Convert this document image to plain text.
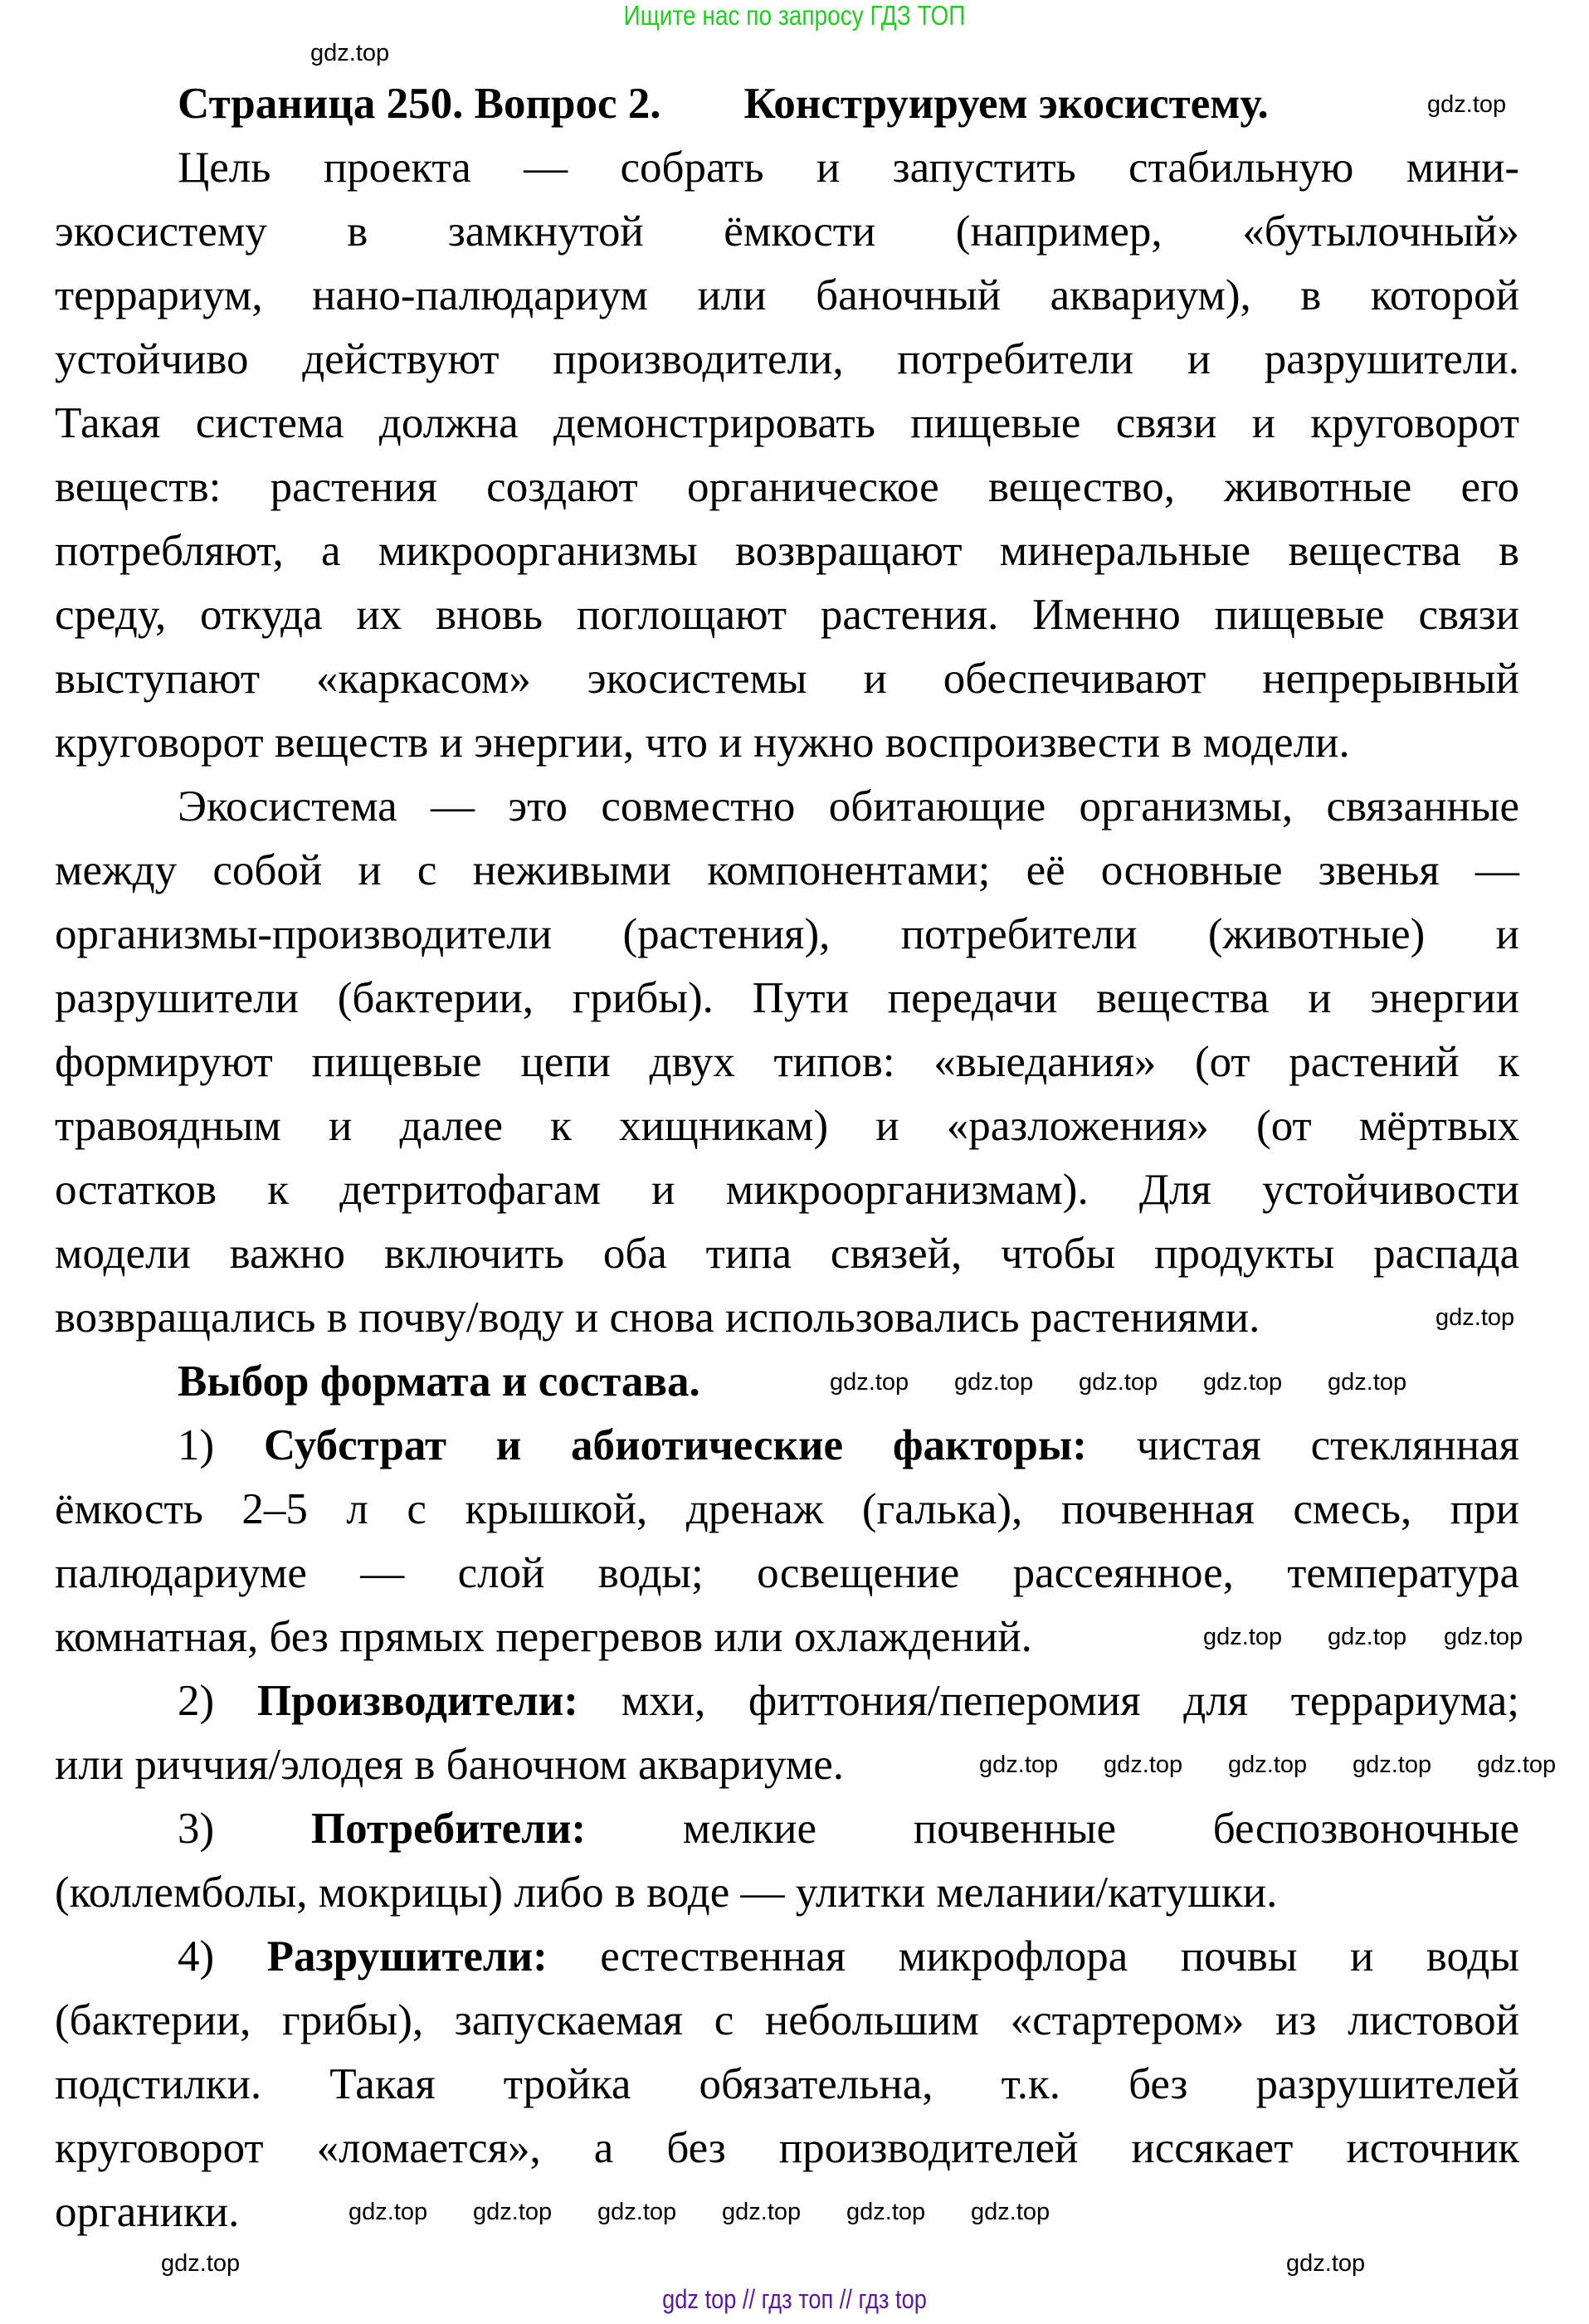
Ищите нас по запросу ГДЗ ТОП
Страница 250. Вопрос 2. Конструируем экосистему.
Цель проекта — собрать и запустить стабильную мини-
экосистему в замкнутой ёмкости (например, «бутылочный»
террариум, нано-палюдариум или баночный аквариум), в которой
устойчиво действуют производители, потребители и разрушители.
Такая система должна демонстрировать пищевые связи и круговорот
веществ: растения создают органическое вещество, животные его
потребляют, а микроорганизмы возвращают минеральные вещества в
среду, откуда их вновь поглощают растения. Именно пищевые связи
выступают «каркасом» экосистемы и обеспечивают непрерывный
круговорот веществ и энергии, что и нужно воспроизвести в модели.
Экосистема — это совместно обитающие организмы, связанные
между собой и с неживыми компонентами; её основные звенья —
организмы-производители (растения), потребители (животные) и
разрушители (бактерии, грибы). Пути передачи вещества и энергии
формируют пищевые цепи двух типов: «выедания» (от растений к
травоядным и далее к хищникам) и «разложения» (от мёртвых
остатков к детритофагам и микроорганизмам). Для устойчивости
модели важно включить оба типа связей, чтобы продукты распада
возвращались в почву/воду и снова использовались растениями.
Выбор формата и состава.
1) Субстрат и абиотические факторы: чистая стеклянная
ёмкость 2–5 л с крышкой, дренаж (галька), почвенная смесь, при
палюдариуме — слой воды; освещение рассеянное, температура
комнатная, без прямых перегревов или охлаждений.
2) Производители: мхи, фиттония/пеперомия для террариума;
или риччия/элодея в баночном аквариуме.
3) Потребители: мелкие почвенные беспозвоночные
(коллемболы, мокрицы) либо в воде — улитки мелании/катушки.
4) Разрушители: естественная микрофлора почвы и воды
(бактерии, грибы), запускаемая с небольшим «стартером» из листовой
подстилки. Такая тройка обязательна, т.к. без разрушителей
круговорот «ломается», а без производителей иссякает источник
органики.
gdz.top
gdz.top
gdz.top
gdz.top gdz.top gdz.top gdz.top gdz.top
gdz.top gdz.top gdz.top
gdz.top gdz.top gdz.top gdz.top gdz.top
gdz.top gdz.top gdz.top gdz.top gdz.top gdz.top
gdz.top	gdz.top
gdz top // гдз топ // гдз top
